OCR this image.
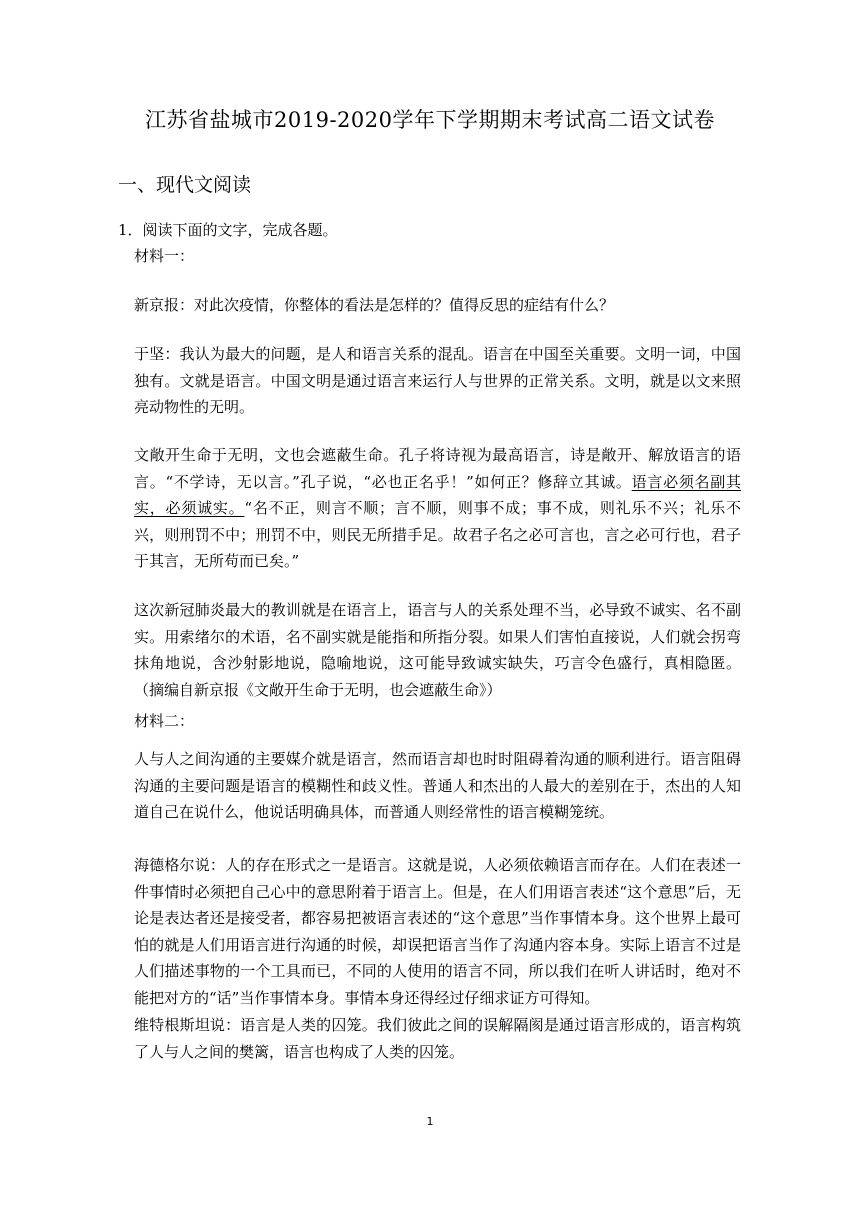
江苏省盐城市2019-2020学年下学期期末考试高二语文试卷
一、现代文阅读
1．阅读下面的文字，完成各题。
材料一：

新京报：对此次疫情，你整体的看法是怎样的？值得反思的症结有什么？

于坚：我认为最大的问题，是人和语言关系的混乱。语言在中国至关重要。文明一词，中国独有。文就是语言。中国文明是通过语言来运行人与世界的正常关系。文明，就是以文来照亮动物性的无明。

文敞开生命于无明，文也会遮蔽生命。孔子将诗视为最高语言，诗是敞开、解放语言的语言。“不学诗，无以言。”孔子说，“必也正名乎！”如何正？修辞立其诚。语言必须名副其实，必须诚实。“名不正，则言不顺；言不顺，则事不成；事不成，则礼乐不兴；礼乐不兴，则刑罚不中；刑罚不中，则民无所措手足。故君子名之必可言也，言之必可行也，君子于其言，无所苟而已矣。”

这次新冠肺炎最大的教训就是在语言上，语言与人的关系处理不当，必导致不诚实、名不副实。用索绪尔的术语，名不副实就是能指和所指分裂。如果人们害怕直接说，人们就会拐弯抹角地说，含沙射影地说，隐喻地说，这可能导致诚实缺失，巧言令色盛行，真相隐匿。（摘编自新京报《文敞开生命于无明，也会遮蔽生命》）

材料二：

人与人之间沟通的主要媒介就是语言，然而语言却也时时阻碍着沟通的顺利进行。语言阻碍沟通的主要问题是语言的模糊性和歧义性。普通人和杰出的人最大的差别在于，杰出的人知道自己在说什么，他说话明确具体，而普通人则经常性的语言模糊笼统。

海德格尔说：人的存在形式之一是语言。这就是说，人必须依赖语言而存在。人们在表述一件事情时必须把自己心中的意思附着于语言上。但是，在人们用语言表述“这个意思”后，无论是表达者还是接受者，都容易把被语言表述的“这个意思”当作事情本身。这个世界上最可怕的就是人们用语言进行沟通的时候，却误把语言当作了沟通内容本身。实际上语言不过是人们描述事物的一个工具而已，不同的人使用的语言不同，所以我们在听人讲话时，绝对不能把对方的“话”当作事情本身。事情本身还得经过仔细求证方可得知。

维特根斯坦说：语言是人类的囚笼。我们彼此之间的误解隔阂是通过语言形成的，语言构筑了人与人之间的樊篱，语言也构成了人类的囚笼。

1
